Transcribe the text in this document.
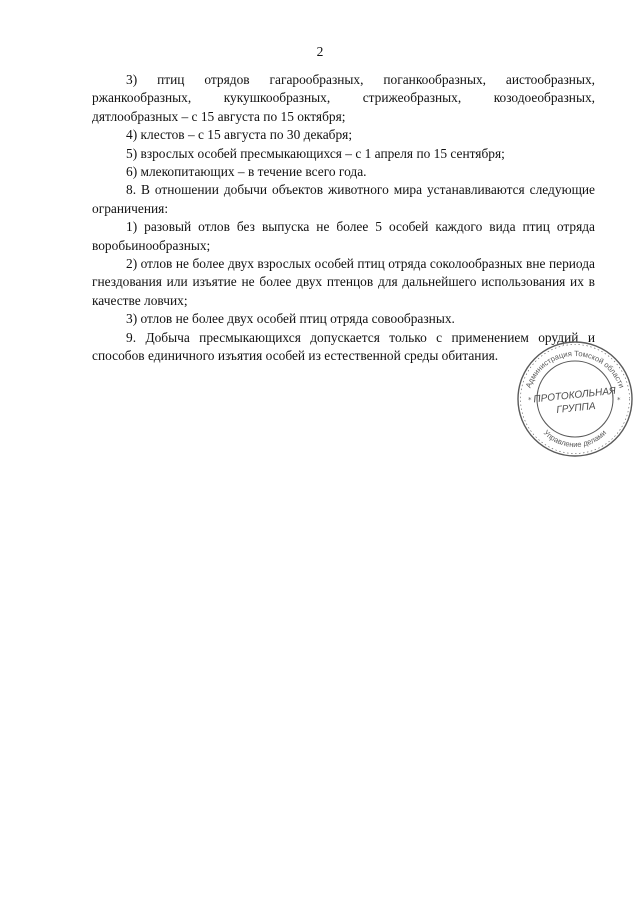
2

3) птиц отрядов гагарообразных, поганкообразных, аистообразных, ржанкообразных, кукушкообразных, стрижеобразных, козодоеобразных, дятлообразных – с 15 августа по 15 октября;

4) клестов – с 15 августа по 30 декабря;

5) взрослых особей пресмыкающихся – с 1 апреля по 15 сентября;

6) млекопитающих – в течение всего года.

8. В отношении добычи объектов животного мира устанавливаются следующие ограничения:

1) разовый отлов без выпуска не более 5 особей каждого вида птиц отряда воробьинообразных;

2) отлов не более двух взрослых особей птиц отряда соколообразных вне периода гнездования или изъятие не более двух птенцов для дальнейшего использования их в качестве ловчих;

3) отлов не более двух особей птиц отряда совообразных.

9. Добыча пресмыкающихся допускается только с применением орудий и способов единичного изъятия особей из естественной среды обитания.

Администрация Томской области
Управление делами
*	*
ПРОТОКОЛЬНАЯ
ГРУППА
